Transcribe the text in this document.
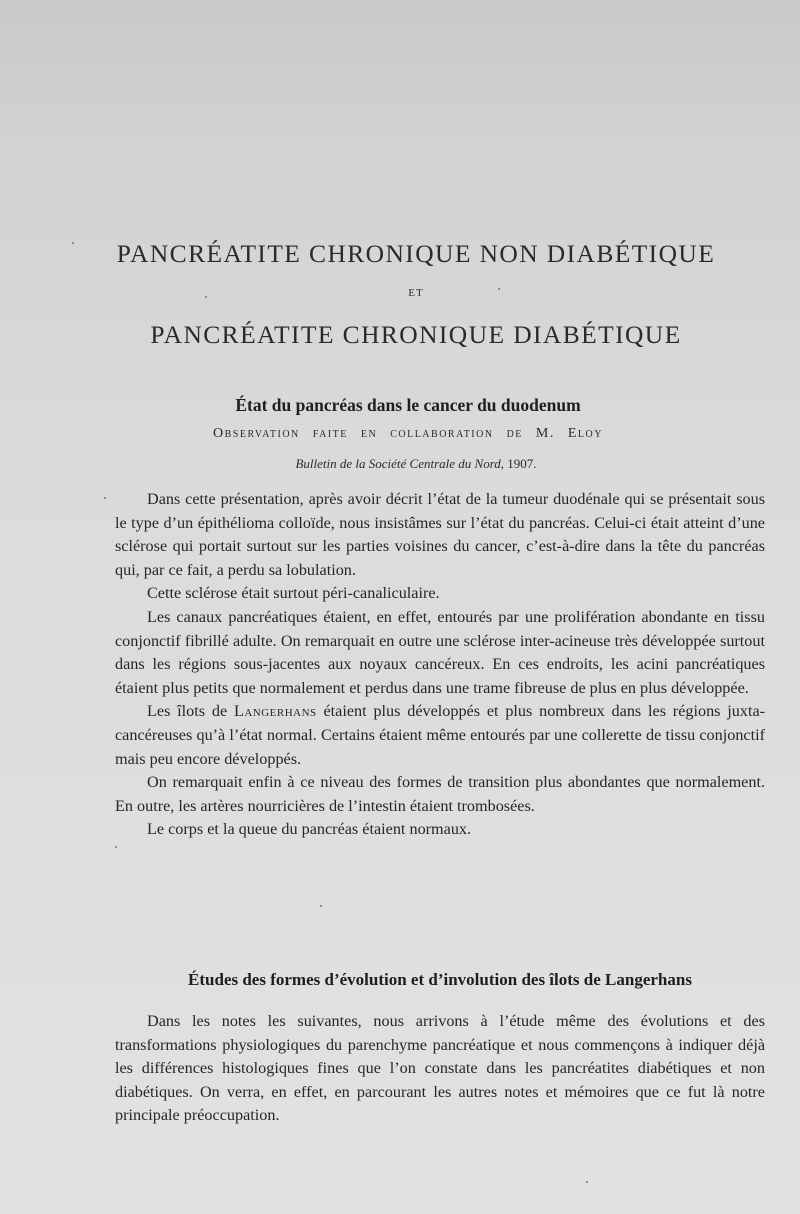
PANCRÉATITE CHRONIQUE NON DIABÉTIQUE
ET
PANCRÉATITE CHRONIQUE DIABÉTIQUE
État du pancréas dans le cancer du duodenum
Observation faite en collaboration de M. Eloy
Bulletin de la Société Centrale du Nord, 1907.

Dans cette présentation, après avoir décrit l’état de la tumeur duodénale qui se présentait sous le type d’un épithélioma colloïde, nous insistâmes sur l’état du pancréas. Celui-ci était atteint d’une sclérose qui portait surtout sur les parties voisines du cancer, c’est-à-dire dans la tête du pancréas qui, par ce fait, a perdu sa lobulation.

Cette sclérose était surtout péri-canaliculaire.

Les canaux pancréatiques étaient, en effet, entourés par une prolifération abondante en tissu conjonctif fibrillé adulte. On remarquait en outre une sclérose inter-acineuse très développée surtout dans les régions sous-jacentes aux noyaux cancéreux. En ces endroits, les acini pancréatiques étaient plus petits que normalement et perdus dans une trame fibreuse de plus en plus développée.

Les îlots de Langerhans étaient plus développés et plus nombreux dans les régions juxta-cancéreuses qu’à l’état normal. Certains étaient même entourés par une collerette de tissu conjonctif mais peu encore développés.

On remarquait enfin à ce niveau des formes de transition plus abondantes que normalement. En outre, les artères nourricières de l’intestin étaient trombosées.

Le corps et la queue du pancréas étaient normaux.

Études des formes d’évolution et d’involution des îlots de Langerhans

Dans les notes les suivantes, nous arrivons à l’étude même des évolutions et des transformations physiologiques du parenchyme pancréatique et nous commençons à indiquer déjà les différences histologiques fines que l’on constate dans les pancréatites diabétiques et non diabétiques. On verra, en effet, en parcourant les autres notes et mémoires que ce fut là notre principale préoccupation.
